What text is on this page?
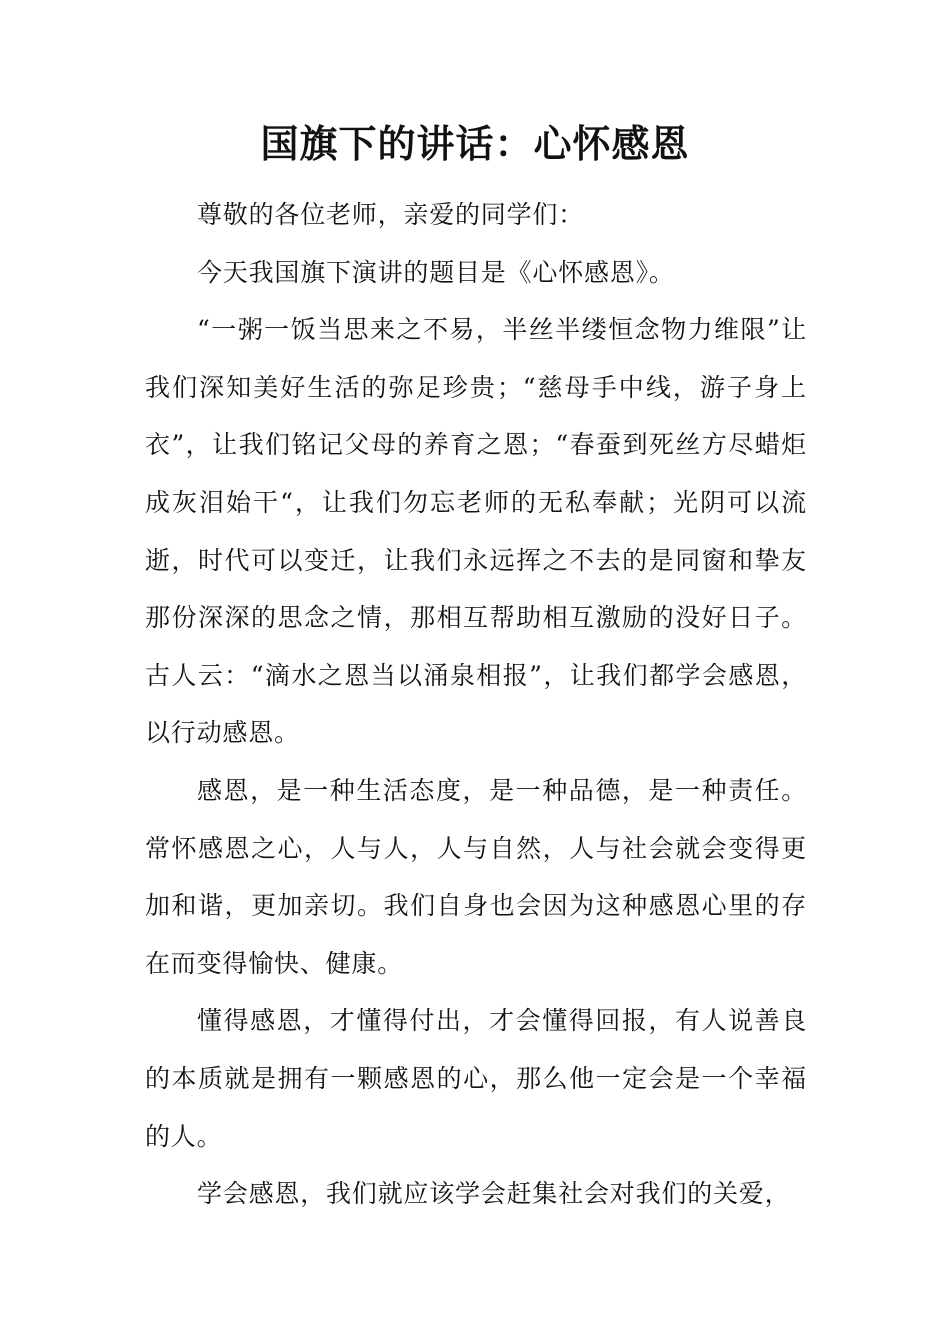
国旗下的讲话：心怀感恩

尊敬的各位老师，亲爱的同学们：

今天我国旗下演讲的题目是《心怀感恩》。

“一粥一饭当思来之不易，半丝半缕恒念物力维限”让我们深知美好生活的弥足珍贵；“慈母手中线，游子身上衣”，让我们铭记父母的养育之恩；“春蚕到死丝方尽蜡炬成灰泪始干“，让我们勿忘老师的无私奉献；光阴可以流逝，时代可以变迁，让我们永远挥之不去的是同窗和挚友那份深深的思念之情，那相互帮助相互激励的没好日子。古人云：“滴水之恩当以涌泉相报”，让我们都学会感恩，以行动感恩。

感恩，是一种生活态度，是一种品德，是一种责任。常怀感恩之心，人与人，人与自然，人与社会就会变得更加和谐，更加亲切。我们自身也会因为这种感恩心里的存在而变得愉快、健康。

懂得感恩，才懂得付出，才会懂得回报，有人说善良的本质就是拥有一颗感恩的心，那么他一定会是一个幸福的人。

学会感恩，我们就应该学会赶集社会对我们的关爱，
